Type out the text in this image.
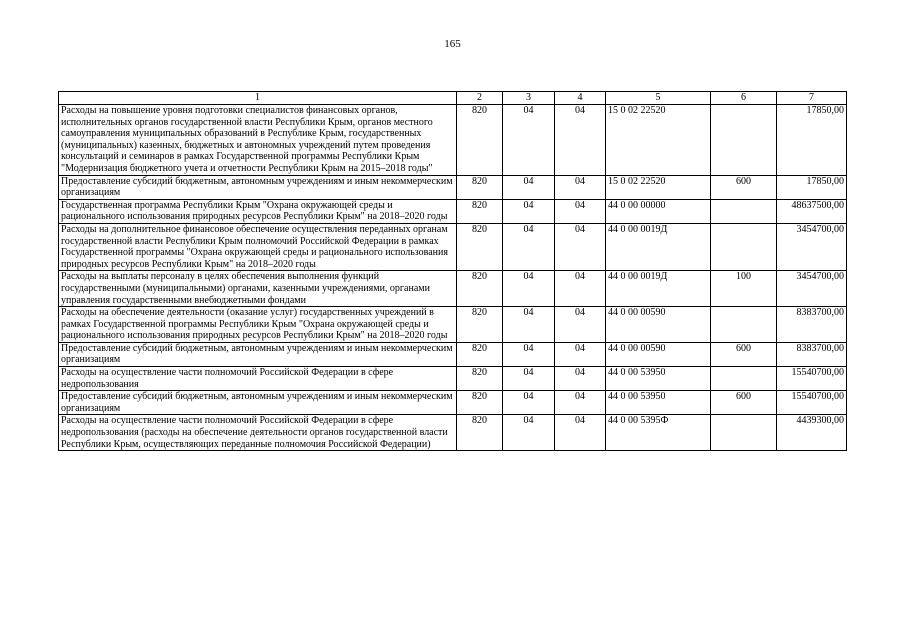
165
1	2	3	4	5	6	7
Расходы на повышение уровня подготовки специалистов финансовых органов, исполнительных органов государственной власти Республики Крым, органов местного самоуправления муниципальных образований в Республике Крым, государственных (муниципальных) казенных, бюджетных и автономных учреждений путем проведения консультаций и семинаров в рамках Государственной программы Республики Крым "Модернизация бюджетного учета и отчетности Республики Крым на 2015–2018 годы"	820	04	04	15 0 02 22520		17850,00
Предоставление субсидий бюджетным, автономным учреждениям и иным некоммерческим организациям	820	04	04	15 0 02 22520	600	17850,00
Государственная программа Республики Крым "Охрана окружающей среды и рационального использования природных ресурсов Республики Крым" на 2018–2020 годы	820	04	04	44 0 00 00000		48637500,00
Расходы на дополнительное финансовое обеспечение осуществления переданных органам государственной власти Республики Крым полномочий Российской Федерации в рамках Государственной программы "Охрана окружающей среды и рационального использования природных ресурсов Республики Крым" на 2018–2020 годы	820	04	04	44 0 00 0019Д		3454700,00
Расходы на выплаты персоналу в целях обеспечения выполнения функций государственными (муниципальными) органами, казенными учреждениями, органами управления государственными внебюджетными фондами	820	04	04	44 0 00 0019Д	100	3454700,00
Расходы на обеспечение деятельности (оказание услуг) государственных учреждений в рамках Государственной программы Республики Крым "Охрана окружающей среды и рационального использования природных ресурсов Республики Крым" на 2018–2020 годы	820	04	04	44 0 00 00590		8383700,00
Предоставление субсидий бюджетным, автономным учреждениям и иным некоммерческим организациям	820	04	04	44 0 00 00590	600	8383700,00
Расходы на осуществление части полномочий Российской Федерации в сфере недропользования	820	04	04	44 0 00 53950		15540700,00
Предоставление субсидий бюджетным, автономным учреждениям и иным некоммерческим организациям	820	04	04	44 0 00 53950	600	15540700,00
Расходы на осуществление части полномочий Российской Федерации в сфере недропользования (расходы на обеспечение деятельности органов государственной власти Республики Крым, осуществляющих переданные полномочия Российской Федерации)	820	04	04	44 0 00 5395Ф		4439300,00
